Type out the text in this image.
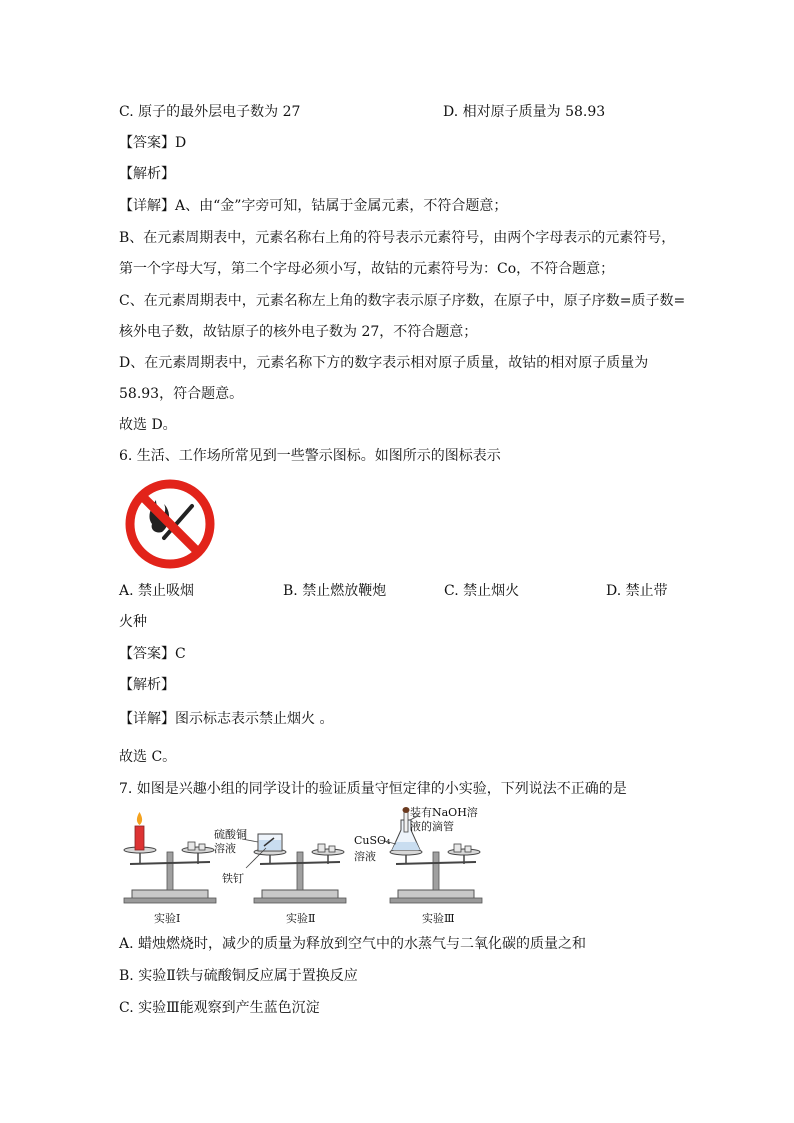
C. 原子的最外层电子数为 27	D. 相对原子质量为 58.93
【答案】D
【解析】
【详解】A、由“金”字旁可知，钴属于金属元素，不符合题意；
B、在元素周期表中，元素名称右上角的符号表示元素符号，由两个字母表示的元素符号，
第一个字母大写，第二个字母必须小写，故钴的元素符号为：Co，不符合题意；
C、在元素周期表中，元素名称左上角的数字表示原子序数，在原子中，原子序数=质子数=
核外电子数，故钴原子的核外电子数为 27，不符合题意；
D、在元素周期表中，元素名称下方的数字表示相对原子质量，故钴的相对原子质量为
58.93，符合题意。
故选 D。
6. 生活、工作场所常见到一些警示图标。如图所示的图标表示
A. 禁止吸烟	B. 禁止燃放鞭炮	C. 禁止烟火	D. 禁止带
火种
【答案】C
【解析】
【详解】图示标志表示禁止烟火 。
故选 C。
7. 如图是兴趣小组的同学设计的验证质量守恒定律的小实验，下列说法不正确的是
硫酸铜
溶液
铁钉
CuSO₄
溶液
装有NaOH溶
液的滴管
实验Ⅰ	实验Ⅱ	实验Ⅲ
A. 蜡烛燃烧时，减少的质量为释放到空气中的水蒸气与二氧化碳的质量之和
B. 实验Ⅱ铁与硫酸铜反应属于置换反应
C. 实验Ⅲ能观察到产生蓝色沉淀
